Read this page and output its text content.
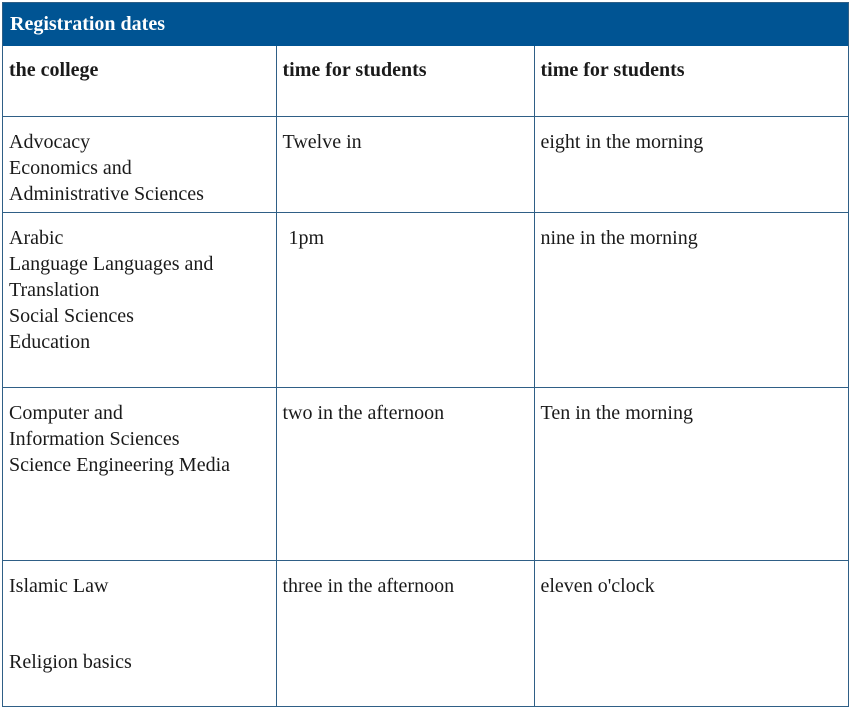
Registration dates
the college	time for students	time for students

Advocacy
Economics and
Administrative Sciences	Twelve in	eight in the morning

Arabic
Language Languages and
Translation
Social Sciences
Education	1pm	nine in the morning

Computer and
Information Sciences
Science Engineering Media	two in the afternoon	Ten in the morning

Islamic Law
Religion basics	three in the afternoon	eleven o'clock
